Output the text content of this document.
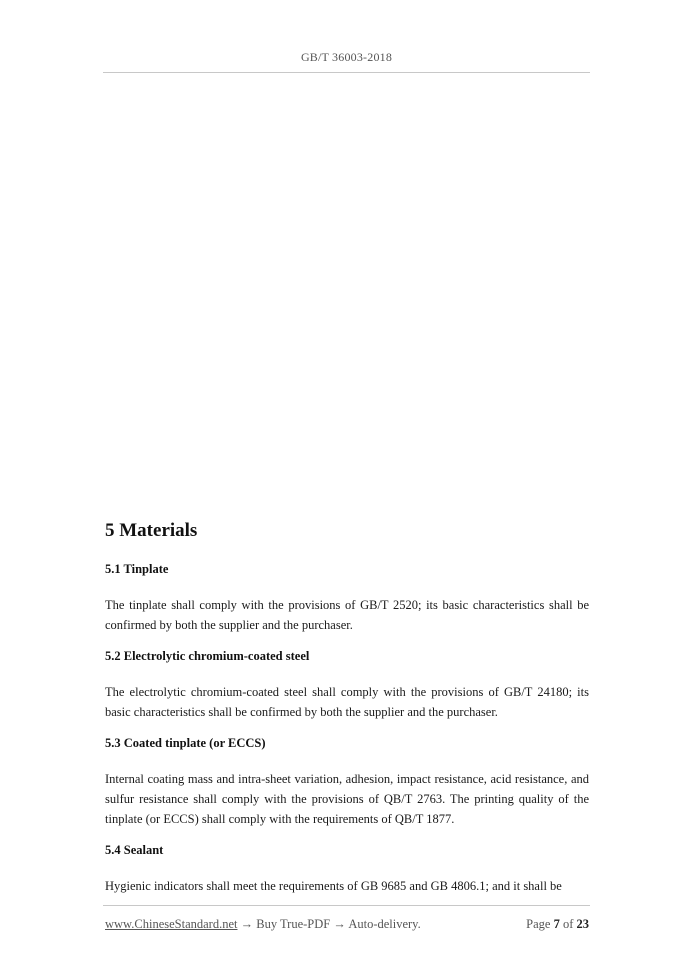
GB/T 36003-2018
5 Materials
5.1 Tinplate

The tinplate shall comply with the provisions of GB/T 2520; its basic characteristics shall be confirmed by both the supplier and the purchaser.

5.2 Electrolytic chromium-coated steel

The electrolytic chromium-coated steel shall comply with the provisions of GB/T 24180; its basic characteristics shall be confirmed by both the supplier and the purchaser.

5.3 Coated tinplate (or ECCS)

Internal coating mass and intra-sheet variation, adhesion, impact resistance, acid resistance, and sulfur resistance shall comply with the provisions of QB/T 2763. The printing quality of the tinplate (or ECCS) shall comply with the requirements of QB/T 1877.

5.4 Sealant

Hygienic indicators shall meet the requirements of GB 9685 and GB 4806.1; and it shall be

www.ChineseStandard.net → Buy True-PDF → Auto-delivery.	Page 7 of 23
